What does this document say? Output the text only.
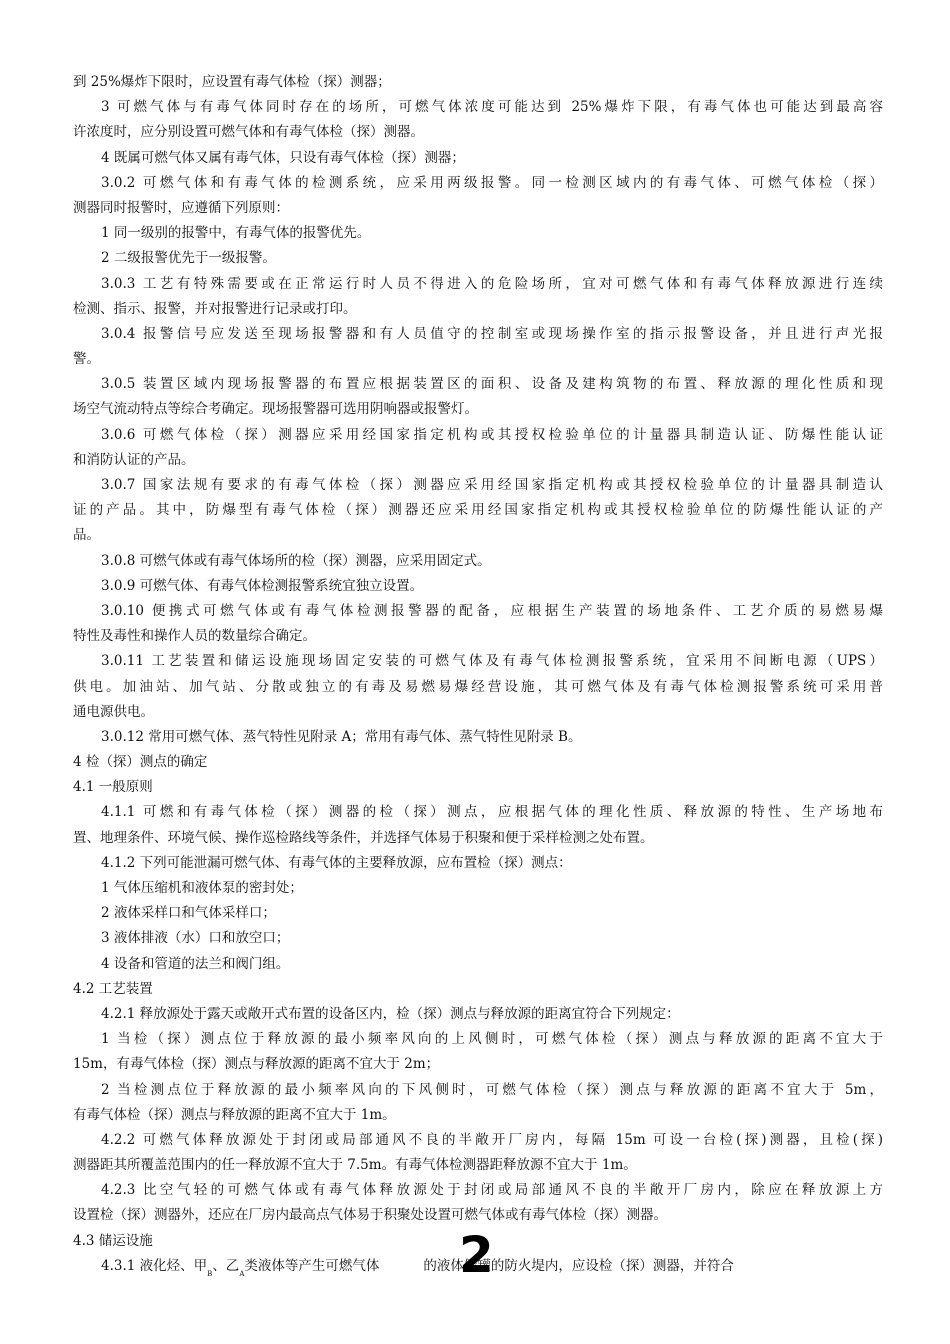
到 25%爆炸下限时，应设置有毒气体检（探）测器；
3 可燃气体与有毒气体同时存在的场所，可燃气体浓度可能达到 25%爆炸下限，有毒气体也可能达到最高容
许浓度时，应分别设置可燃气体和有毒气体检（探）测器。
4 既属可燃气体又属有毒气体，只设有毒气体检（探）测器；
3.0.2 可燃气体和有毒气体的检测系统，应采用两级报警。同一检测区域内的有毒气体、可燃气体检（探）
测器同时报警时，应遵循下列原则：
1 同一级别的报警中，有毒气体的报警优先。
2 二级报警优先于一级报警。
3.0.3 工艺有特殊需要或在正常运行时人员不得进入的危险场所，宜对可燃气体和有毒气体释放源进行连续
检测、指示、报警，并对报警进行记录或打印。
3.0.4 报警信号应发送至现场报警器和有人员值守的控制室或现场操作室的指示报警设备，并且进行声光报
警。
3.0.5 装置区域内现场报警器的布置应根据装置区的面积、设备及建构筑物的布置、释放源的理化性质和现
场空气流动特点等综合考确定。现场报警器可选用阴响器或报警灯。
3.0.6 可燃气体检（探）测器应采用经国家指定机构或其授权检验单位的计量器具制造认证、防爆性能认证
和消防认证的产品。
3.0.7 国家法规有要求的有毒气体检（探）测器应采用经国家指定机构或其授权检验单位的计量器具制造认
证的产品。其中，防爆型有毒气体检（探）测器还应采用经国家指定机构或其授权检验单位的防爆性能认证的产
品。
3.0.8 可燃气体或有毒气体场所的检（探）测器，应采用固定式。
3.0.9 可燃气体、有毒气体检测报警系统宜独立设置。
3.0.10 便携式可燃气体或有毒气体检测报警器的配备，应根据生产装置的场地条件、工艺介质的易燃易爆
特性及毒性和操作人员的数量综合确定。
3.0.11 工艺装置和储运设施现场固定安装的可燃气体及有毒气体检测报警系统，宜采用不间断电源（UPS）
供电。加油站、加气站、分散或独立的有毒及易燃易爆经营设施，其可燃气体及有毒气体检测报警系统可采用普
通电源供电。
3.0.12 常用可燃气体、蒸气特性见附录 A；常用有毒气体、蒸气特性见附录 B。
4 检（探）测点的确定
4.1 一般原则
4.1.1 可燃和有毒气体检（探）测器的检（探）测点，应根据气体的理化性质、释放源的特性、生产场地布
置、地理条件、环境气候、操作巡检路线等条件，并选择气体易于积聚和便于采样检测之处布置。
4.1.2 下列可能泄漏可燃气体、有毒气体的主要释放源，应布置检（探）测点：
1 气体压缩机和液体泵的密封处；
2 液体采样口和气体采样口；
3 液体排液（水）口和放空口；
4 设备和管道的法兰和阀门组。
4.2 工艺装置
4.2.1 释放源处于露天或敞开式布置的设备区内，检（探）测点与释放源的距离宜符合下列规定：
1 当检（探）测点位于释放源的最小频率风向的上风侧时，可燃气体检（探）测点与释放源的距离不宜大于
15m，有毒气体检（探）测点与释放源的距离不宜大于 2m；
2 当检测点位于释放源的最小频率风向的下风侧时，可燃气体检（探）测点与释放源的距离不宜大于 5m，
有毒气体检（探）测点与释放源的距离不宜大于 1m。
4.2.2 可燃气体释放源处于封闭或局部通风不良的半敞开厂房内，每隔 15m 可设一台检(探)测器，且检(探)
测器距其所覆盖范围内的任一释放源不宜大于 7.5m。有毒气体检测器距释放源不宜大于 1m。
4.2.3 比空气轻的可燃气体或有毒气体释放源处于封闭或局部通风不良的半敞开厂房内，除应在释放源上方
设置检（探）测器外，还应在厂房内最高点气体易于积聚处设置可燃气体或有毒气体检（探）测器。
4.3 储运设施
4.3.1 液化烃、甲$_B$、乙$_A$类液体等产生可燃气体	的液体储罐的防火堤内，应设检（探）测器，并符合
2
